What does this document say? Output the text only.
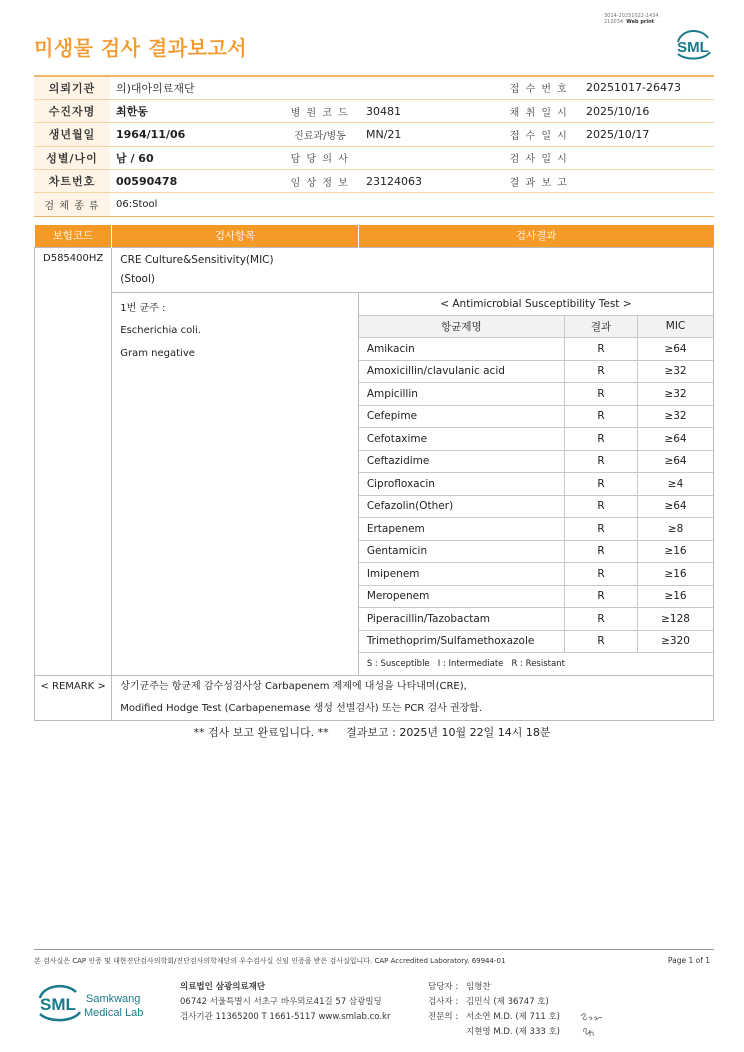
3014-20251022-1434
210034 Web print
미생물 검사 결과보고서	SML
의뢰기관	의)대아의료재단			접 수 번 호	20251017-26473
수진자명	최한동	병 원 코 드	30481	채 취 일 시	2025/10/16
생년월일	1964/11/06	진료과/병동	MN/21	접 수 일 시	2025/10/17
성별/나이	남 / 60	담 당 의 사		검 사 일 시	
차트번호	00590478	임 상 정 보	23124063	결 과 보 고	
검 체 종 류	06:Stool				
보험코드	검사항목	검사결과
D585400HZ	CRE Culture&Sensitivity(MIC)
(Stool)

1번 균주 :
Escherichia coli.
Gram negative

< Antimicrobial Susceptibility Test >
항균제명	결과	MIC
Amikacin	R	≥64
Amoxicillin/clavulanic acid	R	≥32
Ampicillin	R	≥32
Cefepime	R	≥32
Cefotaxime	R	≥64
Ceftazidime	R	≥64
Ciprofloxacin	R	≥4
Cefazolin(Other)	R	≥64
Ertapenem	R	≥8
Gentamicin	R	≥16
Imipenem	R	≥16
Meropenem	R	≥16
Piperacillin/Tazobactam	R	≥128
Trimethoprim/Sulfamethoxazole	R	≥320
S : Susceptible   I : Intermediate   R : Resistant

< REMARK >	상기균주는 항균제 감수성검사상 Carbapenem 제제에 내성을 나타내며(CRE),
Modified Hodge Test (Carbapenemase 생성 선별검사) 또는 PCR 검사 권장함.
** 검사 보고 완료입니다. **     결과보고 : 2025년 10월 22일 14시 18분
본 검사실은 CAP 인증 및 대한진단검사의학회/진단검사의학재단의 우수검사실 신임 인증을 받은 검사실입니다. CAP Accredited Laboratory. 69944-01	Page 1 of 1
SML Samkwang
Medical Lab
의료법인 삼광의료재단
06742 서울특별시 서초구 바우뫼로41길 57 삼광빌딩
검사기관 11365200 T 1661-5117 www.smlab.co.kr
담당자 : 임형찬
검사자 : 김민식 (제 36747 호)
전문의 : 서소연 M.D. (제 711 호)
지현영 M.D. (제 333 호)
